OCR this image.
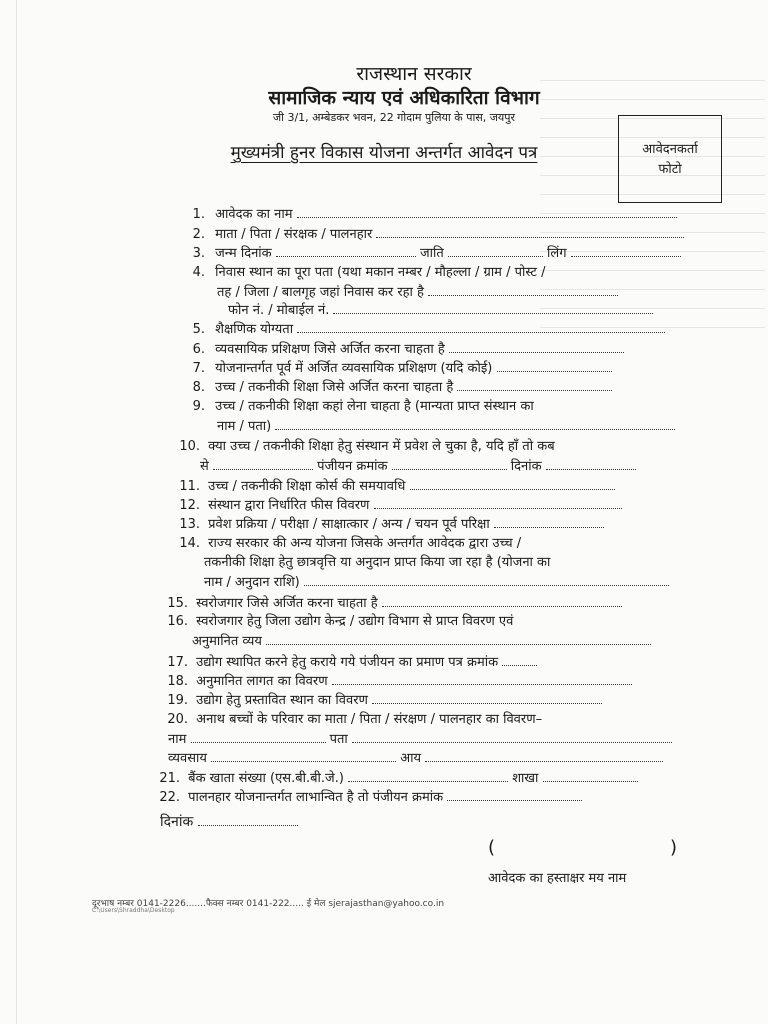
राजस्थान सरकार
सामाजिक न्याय एवं अधिकारिता विभाग
जी 3/1, अम्बेडकर भवन, 22 गोदाम पुलिया के पास, जयपुर
मुख्यमंत्री हुनर विकास योजना अन्तर्गत आवेदन पत्र	आवेदनकर्ता
फोटो
1. आवेदक का नाम
2. माता / पिता / संरक्षक / पालनहार
3. जन्म दिनांक	जाति	लिंग
4. निवास स्थान का पूरा पता (यथा मकान नम्बर / मौहल्ला / ग्राम / पोस्ट /
तह / जिला / बालगृह जहां निवास कर रहा है
फोन नं. / मोबाईल नं.
5. शैक्षणिक योग्यता
6. व्यवसायिक प्रशिक्षण जिसे अर्जित करना चाहता है
7. योजनान्तर्गत पूर्व में अर्जित व्यवसायिक प्रशिक्षण (यदि कोई)
8. उच्च / तकनीकी शिक्षा जिसे अर्जित करना चाहता है
9. उच्च / तकनीकी शिक्षा कहां लेना चाहता है (मान्यता प्राप्त संस्थान का
नाम / पता)
10. क्या उच्च / तकनीकी शिक्षा हेतु संस्थान में प्रवेश ले चुका है, यदि हॉं तो कब
से	पंजीयन क्रमांक	दिनांक
11. उच्च / तकनीकी शिक्षा कोर्स की समयावधि
12. संस्थान द्वारा निर्धारित फीस विवरण
13. प्रवेश प्रक्रिया / परीक्षा / साक्षात्कार / अन्य / चयन पूर्व परिक्षा
14. राज्य सरकार की अन्य योजना जिसके अन्तर्गत आवेदक द्वारा उच्च /
तकनीकी शिक्षा हेतु छात्रवृत्ति या अनुदान प्राप्त किया जा रहा है (योजना का
नाम / अनुदान राशि)
15. स्वरोजगार जिसे अर्जित करना चाहता है
16. स्वरोजगार हेतु जिला उद्योग केन्द्र / उद्योग विभाग से प्राप्त विवरण एवं
अनुमानित व्यय
17. उद्योग स्थापित करने हेतु कराये गये पंजीयन का प्रमाण पत्र क्रमांक
18. अनुमानित लागत का विवरण
19. उद्योग हेतु प्रस्तावित स्थान का विवरण
20. अनाथ बच्चों के परिवार का माता / पिता / संरक्षण / पालनहार का विवरण–
नाम	पता
व्यवसाय	आय
21. बैंक खाता संख्या (एस.बी.बी.जे.)	शाखा
22. पालनहार योजनान्तर्गत लाभान्वित है तो पंजीयन क्रमांक
दिनांक
(	)
आवेदक का हस्ताक्षर मय नाम
दूरभाष नम्बर 0141-2226.......फैक्स नम्बर 0141-222..... ई मेल sjerajasthan@yahoo.co.in
C:\Users\Shraddha\Desktop
